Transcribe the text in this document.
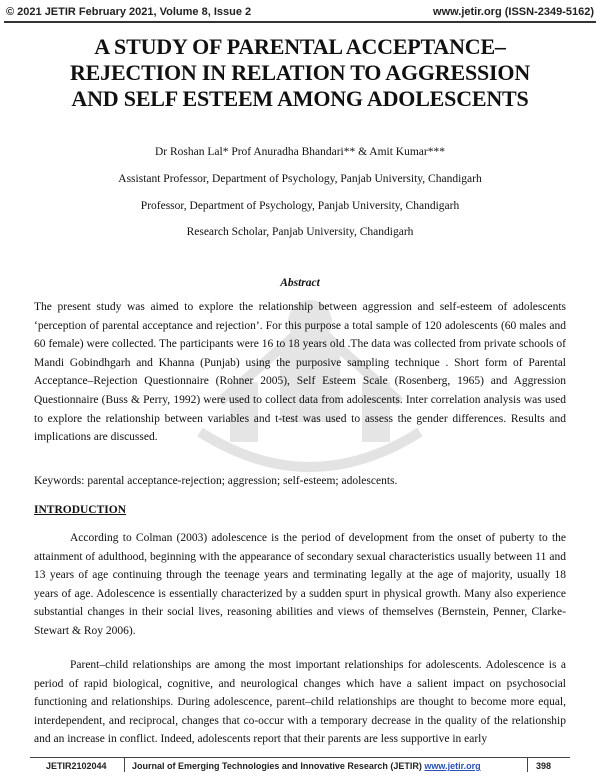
© 2021 JETIR February 2021, Volume 8, Issue 2	www.jetir.org (ISSN-2349-5162)
A STUDY OF PARENTAL ACCEPTANCE–
REJECTION IN RELATION TO AGGRESSION
AND SELF ESTEEM AMONG ADOLESCENTS
Dr Roshan Lal* Prof Anuradha Bhandari** & Amit Kumar***
Assistant Professor, Department of Psychology, Panjab University, Chandigarh
Professor, Department of Psychology, Panjab University, Chandigarh
Research Scholar, Panjab University, Chandigarh
Abstract

The present study was aimed to explore the relationship between aggression and self-esteem of adolescents ‘perception of parental acceptance and rejection’. For this purpose a total sample of 120 adolescents (60 males and 60 female) were collected. The participants were 16 to 18 years old .The data was collected from private schools of Mandi Gobindhgarh and Khanna (Punjab) using the purposive sampling technique . Short form of Parental Acceptance–Rejection Questionnaire (Rohner 2005), Self Esteem Scale (Rosenberg, 1965) and Aggression Questionnaire (Buss & Perry, 1992) were used to collect data from adolescents. Inter correlation analysis was used to explore the relationship between variables and t-test was used to assess the gender differences. Results and implications are discussed.

Keywords: parental acceptance-rejection; aggression; self-esteem; adolescents.

INTRODUCTION

According to Colman (2003) adolescence is the period of development from the onset of puberty to the attainment of adulthood, beginning with the appearance of secondary sexual characteristics usually between 11 and 13 years of age continuing through the teenage years and terminating legally at the age of majority, usually 18 years of age. Adolescence is essentially characterized by a sudden spurt in physical growth. Many also experience substantial changes in their social lives, reasoning abilities and views of themselves (Bernstein, Penner, Clarke-Stewart & Roy 2006).

Parent–child relationships are among the most important relationships for adolescents. Adolescence is a period of rapid biological, cognitive, and neurological changes which have a salient impact on psychosocial functioning and relationships. During adolescence, parent–child relationships are thought to become more equal, interdependent, and reciprocal, changes that co-occur with a temporary decrease in the quality of the relationship and an increase in conflict. Indeed, adolescents report that their parents are less supportive in early

JETIR2102044	Journal of Emerging Technologies and Innovative Research (JETIR) www.jetir.org	398
